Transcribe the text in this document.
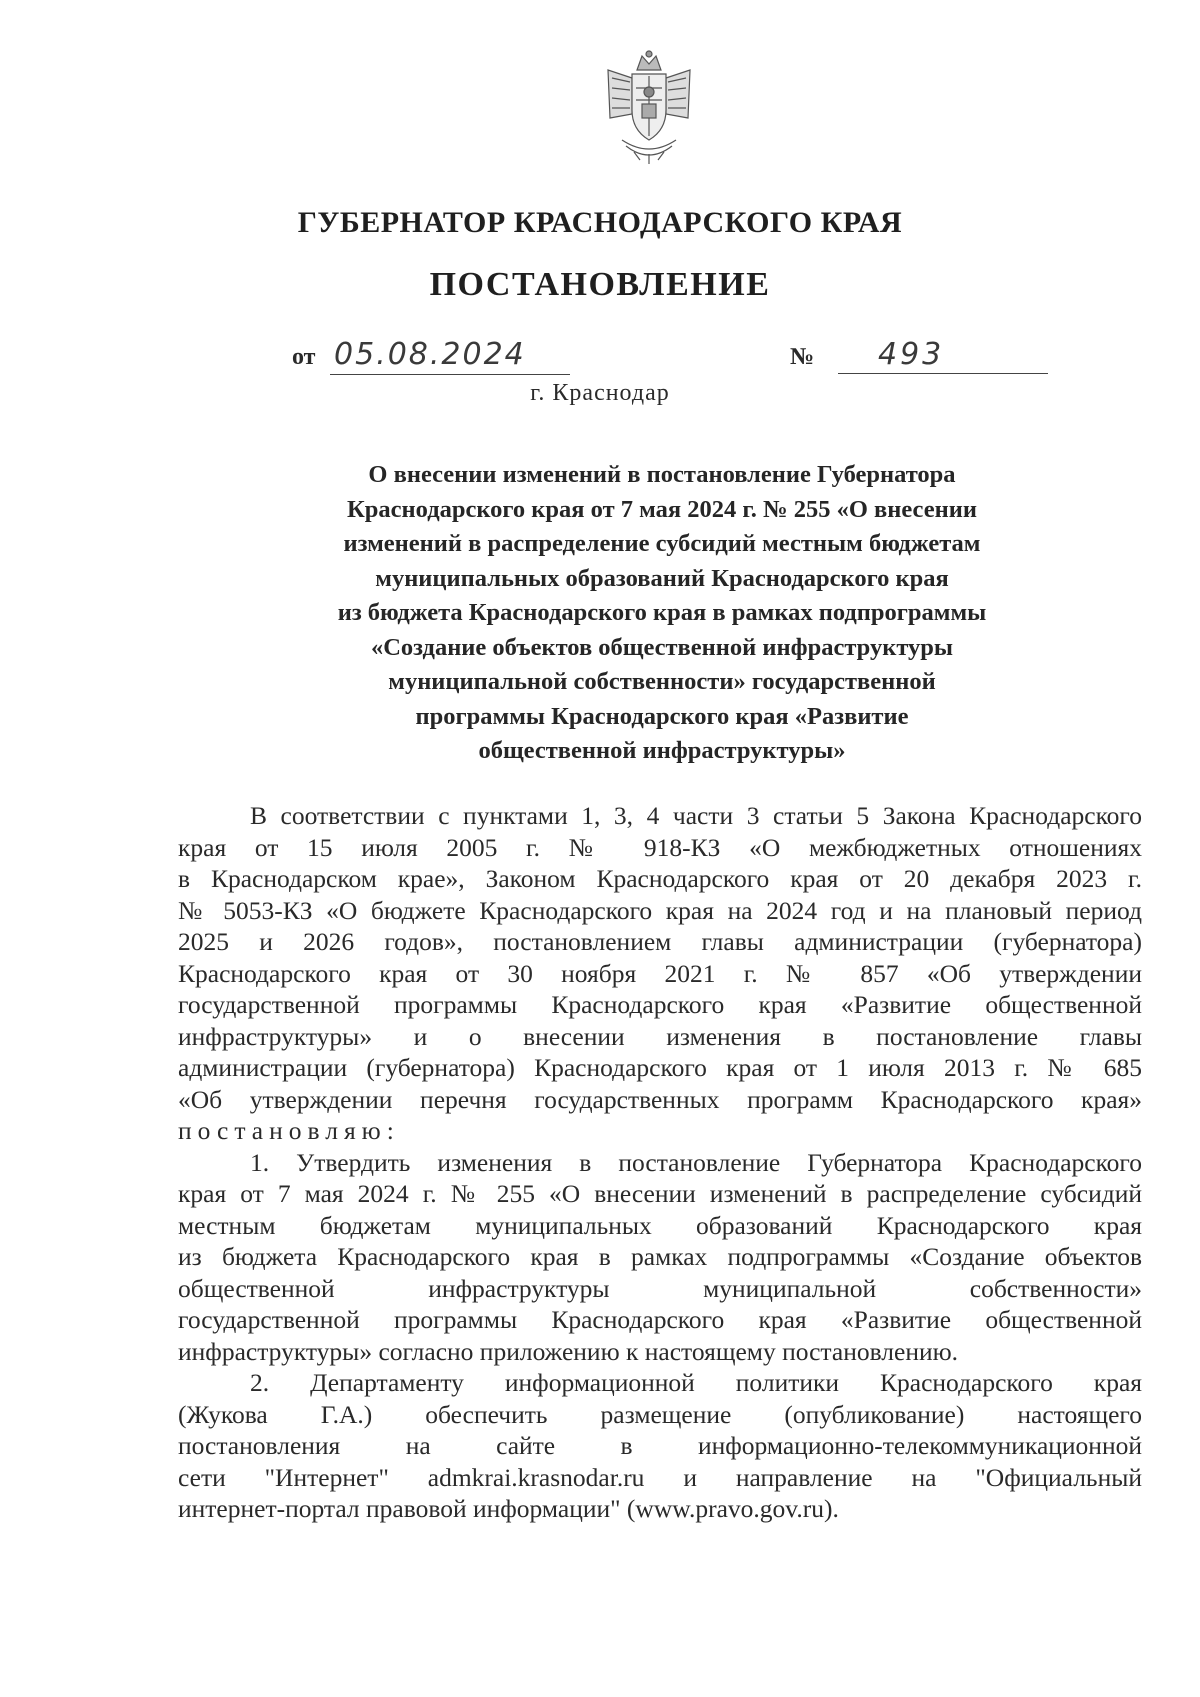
ГУБЕРНАТОР КРАСНОДАРСКОГО КРАЯ
ПОСТАНОВЛЕНИЕ
от 05.08.2024	№	493
г. Краснодар
О внесении изменений в постановление Губернатора
Краснодарского края от 7 мая 2024 г. № 255 «О внесении
изменений в распределение субсидий местным бюджетам
муниципальных образований Краснодарского края
из бюджета Краснодарского края в рамках подпрограммы
«Создание объектов общественной инфраструктуры
муниципальной собственности» государственной
программы Краснодарского края «Развитие
общественной инфраструктуры»
В соответствии с пунктами 1, 3, 4 части 3 статьи 5 Закона Краснодарского
края от 15 июля 2005 г. № 918-КЗ «О межбюджетных отношениях
в Краснодарском крае», Законом Краснодарского края от 20 декабря 2023 г.
№ 5053-КЗ «О бюджете Краснодарского края на 2024 год и на плановый период
2025 и 2026 годов», постановлением главы администрации (губернатора)
Краснодарского края от 30 ноября 2021 г. № 857 «Об утверждении
государственной программы Краснодарского края «Развитие общественной
инфраструктуры» и о внесении изменения в постановление главы
администрации (губернатора) Краснодарского края от 1 июля 2013 г. № 685
«Об утверждении перечня государственных программ Краснодарского края»
постановляю:
1. Утвердить изменения в постановление Губернатора Краснодарского
края от 7 мая 2024 г. № 255 «О внесении изменений в распределение субсидий
местным бюджетам муниципальных образований Краснодарского края
из бюджета Краснодарского края в рамках подпрограммы «Создание объектов
общественной инфраструктуры муниципальной собственности»
государственной программы Краснодарского края «Развитие общественной
инфраструктуры» согласно приложению к настоящему постановлению.
2. Департаменту информационной политики Краснодарского края
(Жукова Г.А.) обеспечить размещение (опубликование) настоящего
постановления на сайте в информационно-телекоммуникационной
сети "Интернет" admkrai.krasnodar.ru и направление на "Официальный
интернет-портал правовой информации" (www.pravo.gov.ru).
